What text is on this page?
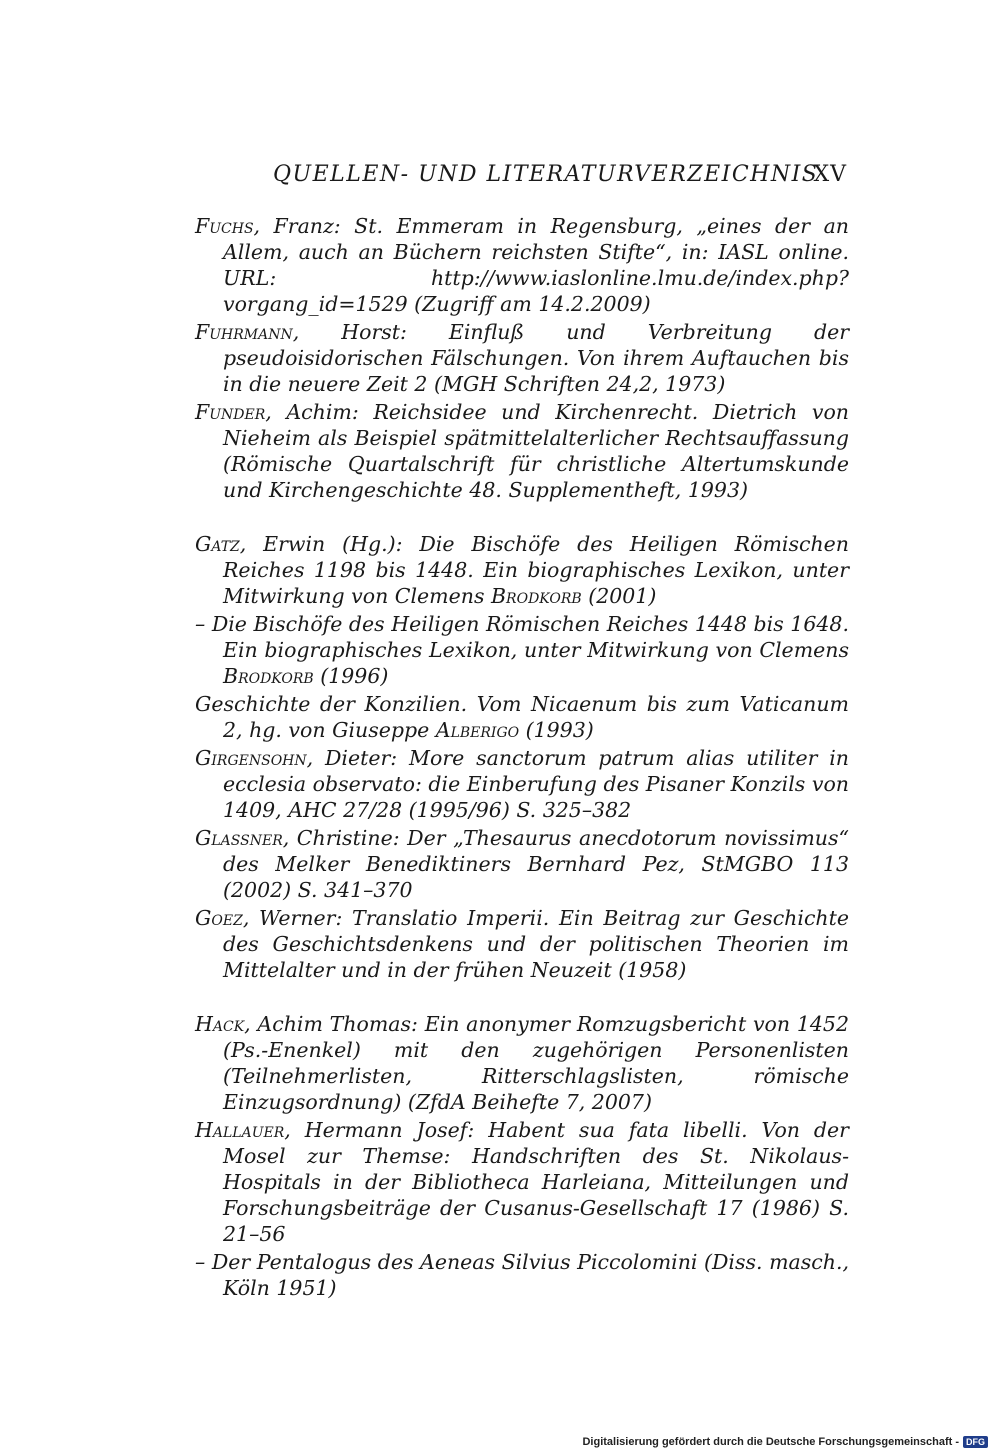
QUELLEN- UND LITERATURVERZEICHNIS
XV

Fuchs, Franz: St. Emmeram in Regensburg, „eines der an Allem, auch an Büchern reichsten Stifte“, in: IASL online. URL: http://www.iaslonline.lmu.de/index.php?vorgang_id=1529 (Zugriff am 14.2.2009)

Fuhrmann, Horst: Einfluß und Verbreitung der pseudoisidorischen Fälschungen. Von ihrem Auftauchen bis in die neuere Zeit 2 (MGH Schriften 24,2, 1973)

Funder, Achim: Reichsidee und Kirchenrecht. Dietrich von Nieheim als Beispiel spätmittelalterlicher Rechtsauffassung (Römische Quartalschrift für christliche Altertumskunde und Kirchengeschichte 48. Supplementheft, 1993)

Gatz, Erwin (Hg.): Die Bischöfe des Heiligen Römischen Reiches 1198 bis 1448. Ein biographisches Lexikon, unter Mitwirkung von Clemens Brodkorb (2001)

– Die Bischöfe des Heiligen Römischen Reiches 1448 bis 1648. Ein biographisches Lexikon, unter Mitwirkung von Clemens Brodkorb (1996)

Geschichte der Konzilien. Vom Nicaenum bis zum Vaticanum 2, hg. von Giuseppe Alberigo (1993)

Girgensohn, Dieter: More sanctorum patrum alias utiliter in ecclesia observato: die Einberufung des Pisaner Konzils von 1409, AHC 27/28 (1995/96) S. 325–382

Glassner, Christine: Der „Thesaurus anecdotorum novissimus“ des Melker Benediktiners Bernhard Pez, StMGBO 113 (2002) S. 341–370

Goez, Werner: Translatio Imperii. Ein Beitrag zur Geschichte des Geschichtsdenkens und der politischen Theorien im Mittelalter und in der frühen Neuzeit (1958)

Hack, Achim Thomas: Ein anonymer Romzugsbericht von 1452 (Ps.-Enenkel) mit den zugehörigen Personenlisten (Teilnehmerlisten, Ritterschlagslisten, römische Einzugsordnung) (ZfdA Beihefte 7, 2007)

Hallauer, Hermann Josef: Habent sua fata libelli. Von der Mosel zur Themse: Handschriften des St. Nikolaus-Hospitals in der Bibliotheca Harleiana, Mitteilungen und Forschungsbeiträge der Cusanus-Gesellschaft 17 (1986) S. 21–56

– Der Pentalogus des Aeneas Silvius Piccolomini (Diss. masch., Köln 1951)

Digitalisierung gefördert durch die Deutsche Forschungsgemeinschaft - DFG
